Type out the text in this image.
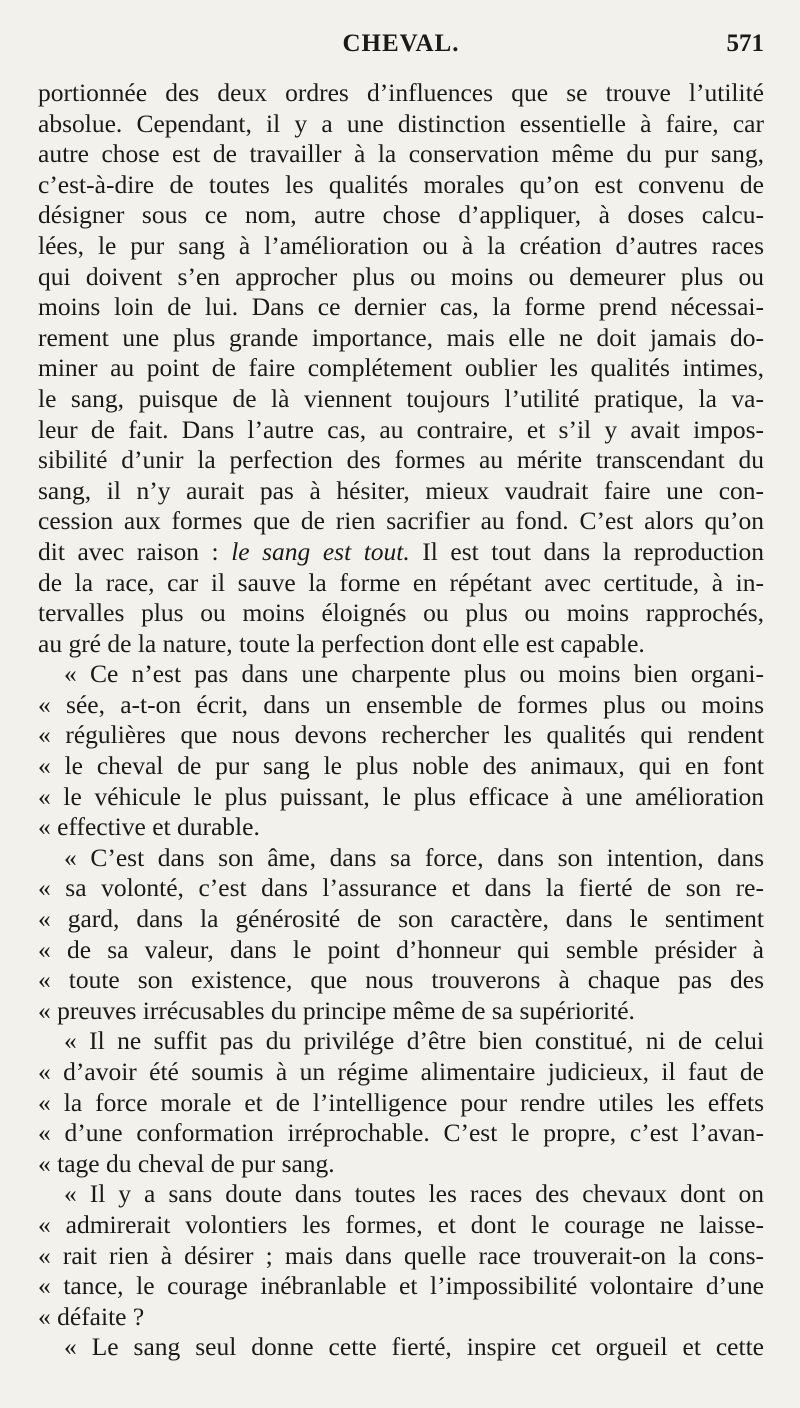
CHEVAL.	571
portionnée des deux ordres d’influences que se trouve l’utilité
absolue. Cependant, il y a une distinction essentielle à faire, car
autre chose est de travailler à la conservation même du pur sang,
c’est-à-dire de toutes les qualités morales qu’on est convenu de
désigner sous ce nom, autre chose d’appliquer, à doses calcu-
lées, le pur sang à l’amélioration ou à la création d’autres races
qui doivent s’en approcher plus ou moins ou demeurer plus ou
moins loin de lui. Dans ce dernier cas, la forme prend nécessai-
rement une plus grande importance, mais elle ne doit jamais do-
miner au point de faire complétement oublier les qualités intimes,
le sang, puisque de là viennent toujours l’utilité pratique, la va-
leur de fait. Dans l’autre cas, au contraire, et s’il y avait impos-
sibilité d’unir la perfection des formes au mérite transcendant du
sang, il n’y aurait pas à hésiter, mieux vaudrait faire une con-
cession aux formes que de rien sacrifier au fond. C’est alors qu’on
dit avec raison : le sang est tout. Il est tout dans la reproduction
de la race, car il sauve la forme en répétant avec certitude, à in-
tervalles plus ou moins éloignés ou plus ou moins rapprochés,
au gré de la nature, toute la perfection dont elle est capable.
« Ce n’est pas dans une charpente plus ou moins bien organi-
« sée, a-t-on écrit, dans un ensemble de formes plus ou moins
« régulières que nous devons rechercher les qualités qui rendent
« le cheval de pur sang le plus noble des animaux, qui en font
« le véhicule le plus puissant, le plus efficace à une amélioration
« effective et durable.
« C’est dans son âme, dans sa force, dans son intention, dans
« sa volonté, c’est dans l’assurance et dans la fierté de son re-
« gard, dans la générosité de son caractère, dans le sentiment
« de sa valeur, dans le point d’honneur qui semble présider à
« toute son existence, que nous trouverons à chaque pas des
« preuves irrécusables du principe même de sa supériorité.
« Il ne suffit pas du privilége d’être bien constitué, ni de celui
« d’avoir été soumis à un régime alimentaire judicieux, il faut de
« la force morale et de l’intelligence pour rendre utiles les effets
« d’une conformation irréprochable. C’est le propre, c’est l’avan-
« tage du cheval de pur sang.
« Il y a sans doute dans toutes les races des chevaux dont on
« admirerait volontiers les formes, et dont le courage ne laisse-
« rait rien à désirer ; mais dans quelle race trouverait-on la cons-
« tance, le courage inébranlable et l’impossibilité volontaire d’une
« défaite ?
« Le sang seul donne cette fierté, inspire cet orgueil et cette
